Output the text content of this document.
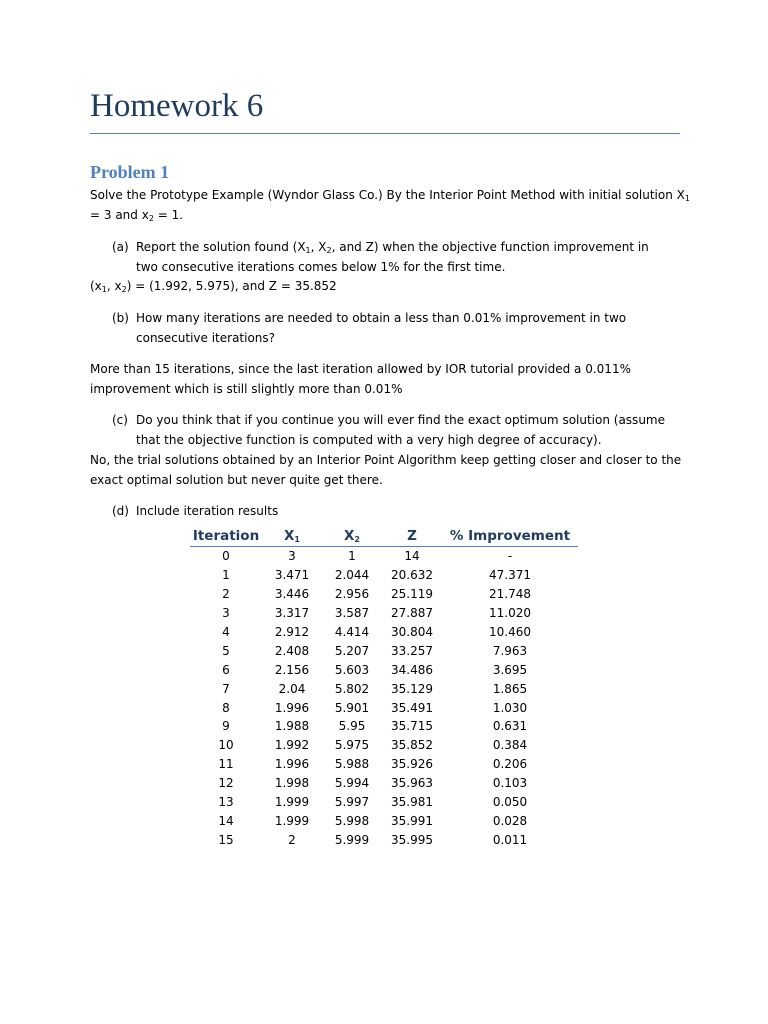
Homework 6
Problem 1

Solve the Prototype Example (Wyndor Glass Co.) By the Interior Point Method with initial solution $X_1 = 3$ and $x_2 = 1$.

(a) Report the solution found ($X_1$, $X_2$, and Z) when the objective function improvement in two consecutive iterations comes below 1% for the first time.

($x_1$, $x_2) = (1.992$, 5.975), and Z = 35.852

(b) How many iterations are needed to obtain a less than 0.01% improvement in two consecutive iterations?

More than 15 iterations, since the last iteration allowed by IOR tutorial provided a 0.011% improvement which is still slightly more than 0.01%

(c) Do you think that if you continue you will ever find the exact optimum solution (assume that the objective function is computed with a very high degree of accuracy).

No, the trial solutions obtained by an Interior Point Algorithm keep getting closer and closer to the exact optimal solution but never quite get there.

(d) Include iteration results
Iteration	$X_1$	$X_2$	Z	% Improvement
0	3	1	14	-
1	3.471	2.044	20.632	47.371
2	3.446	2.956	25.119	21.748
3	3.317	3.587	27.887	11.020
4	2.912	4.414	30.804	10.460
5	2.408	5.207	33.257	7.963
6	2.156	5.603	34.486	3.695
7	2.04	5.802	35.129	1.865
8	1.996	5.901	35.491	1.030
9	1.988	5.95	35.715	0.631
10	1.992	5.975	35.852	0.384
11	1.996	5.988	35.926	0.206
12	1.998	5.994	35.963	0.103
13	1.999	5.997	35.981	0.050
14	1.999	5.998	35.991	0.028
15	2	5.999	35.995	0.011
